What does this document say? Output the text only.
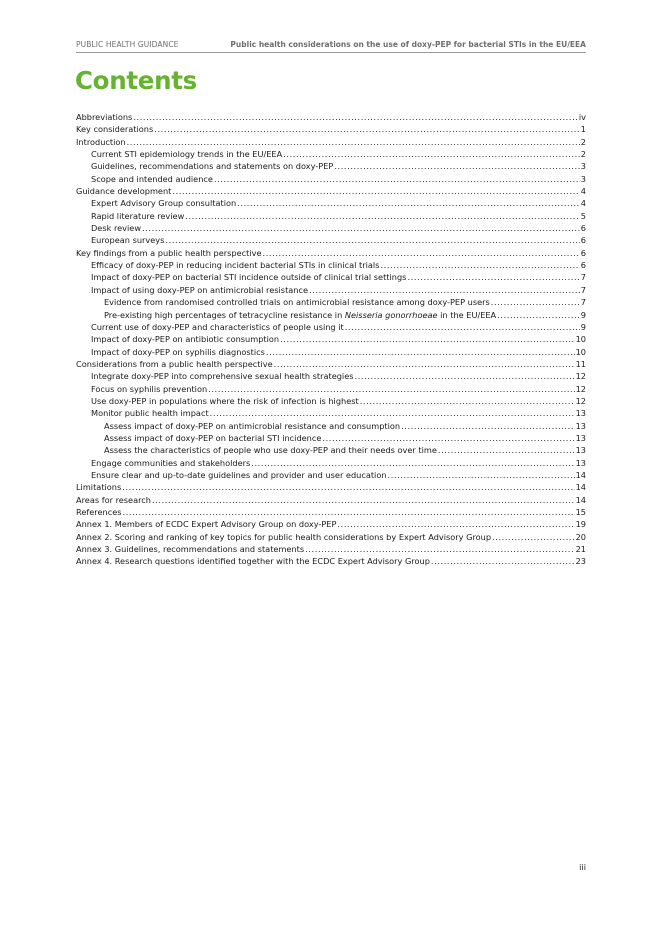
PUBLIC HEALTH GUIDANCE	Public health considerations on the use of doxy-PEP for bacterial STIs in the EU/EEA
Contents
Abbreviations .....	iv
Key considerations .....	1
Introduction .....	2
Current STI epidemiology trends in the EU/EEA .....	2
Guidelines, recommendations and statements on doxy-PEP .....	3
Scope and intended audience .....	3
Guidance development .....	4
Expert Advisory Group consultation .....	4
Rapid literature review .....	5
Desk review .....	6
European surveys .....	6
Key findings from a public health perspective .....	6
Efficacy of doxy-PEP in reducing incident bacterial STIs in clinical trials .....	6
Impact of doxy-PEP on bacterial STI incidence outside of clinical trial settings .....	7
Impact of using doxy-PEP on antimicrobial resistance .....	7
Evidence from randomised controlled trials on antimicrobial resistance among doxy-PEP users .....	7
Pre-existing high percentages of tetracycline resistance in Neisseria gonorrhoeae in the EU/EEA .....	9
Current use of doxy-PEP and characteristics of people using it .....	9
Impact of doxy-PEP on antibiotic consumption .....	10
Impact of doxy-PEP on syphilis diagnostics .....	10
Considerations from a public health perspective .....	11
Integrate doxy-PEP into comprehensive sexual health strategies .....	12
Focus on syphilis prevention .....	12
Use doxy-PEP in populations where the risk of infection is highest .....	12
Monitor public health impact .....	13
Assess impact of doxy-PEP on antimicrobial resistance and consumption .....	13
Assess impact of doxy-PEP on bacterial STI incidence .....	13
Assess the characteristics of people who use doxy-PEP and their needs over time .....	13
Engage communities and stakeholders .....	13
Ensure clear and up-to-date guidelines and provider and user education .....	14
Limitations .....	14
Areas for research .....	14
References .....	15
Annex 1. Members of ECDC Expert Advisory Group on doxy-PEP .....	19
Annex 2. Scoring and ranking of key topics for public health considerations by Expert Advisory Group .....	20
Annex 3. Guidelines, recommendations and statements .....	21
Annex 4. Research questions identified together with the ECDC Expert Advisory Group .....	23
iii
